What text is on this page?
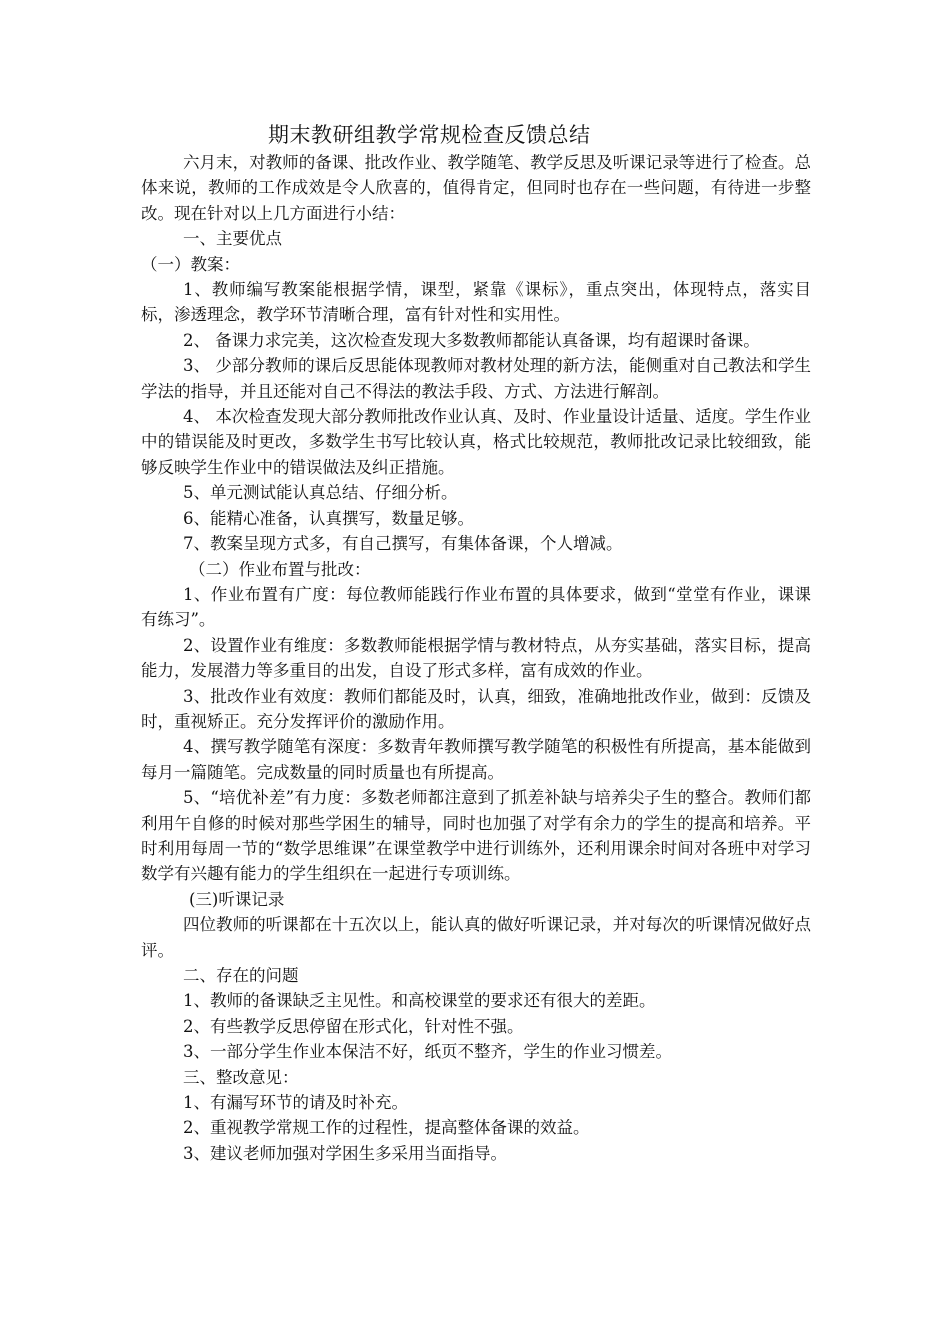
期末教研组教学常规检查反馈总结

六月末，对教师的备课、批改作业、教学随笔、教学反思及听课记录等进行了检查。总体来说，教师的工作成效是令人欣喜的，值得肯定，但同时也存在一些问题，有待进一步整改。现在针对以上几方面进行小结：

一、主要优点

（一）教案：

1、教师编写教案能根据学情，课型，紧靠《课标》，重点突出，体现特点，落实目标，渗透理念，教学环节清晰合理，富有针对性和实用性。

2、 备课力求完美，这次检查发现大多数教师都能认真备课，均有超课时备课。

3、 少部分教师的课后反思能体现教师对教材处理的新方法，能侧重对自己教法和学生学法的指导，并且还能对自己不得法的教法手段、方式、方法进行解剖。

4、 本次检查发现大部分教师批改作业认真、及时、作业量设计适量、适度。学生作业中的错误能及时更改，多数学生书写比较认真，格式比较规范，教师批改记录比较细致，能够反映学生作业中的错误做法及纠正措施。

5、单元测试能认真总结、仔细分析。

6、能精心准备，认真撰写，数量足够。

7、教案呈现方式多，有自己撰写，有集体备课，个人增减。

（二）作业布置与批改：

1、作业布置有广度：每位教师能践行作业布置的具体要求，做到“堂堂有作业，课课有练习”。

2、设置作业有维度：多数教师能根据学情与教材特点，从夯实基础，落实目标，提高能力，发展潜力等多重目的出发，自设了形式多样，富有成效的作业。

3、批改作业有效度：教师们都能及时，认真，细致，准确地批改作业，做到：反馈及时，重视矫正。充分发挥评价的激励作用。

4、撰写教学随笔有深度：多数青年教师撰写教学随笔的积极性有所提高，基本能做到每月一篇随笔。完成数量的同时质量也有所提高。

5、“培优补差”有力度：多数老师都注意到了抓差补缺与培养尖子生的整合。教师们都利用午自修的时候对那些学困生的辅导，同时也加强了对学有余力的学生的提高和培养。平时利用每周一节的“数学思维课”在课堂教学中进行训练外，还利用课余时间对各班中对学习数学有兴趣有能力的学生组织在一起进行专项训练。

(三)听课记录

四位教师的听课都在十五次以上，能认真的做好听课记录，并对每次的听课情况做好点评。

二、存在的问题

1、教师的备课缺乏主见性。和高校课堂的要求还有很大的差距。

2、有些教学反思停留在形式化，针对性不强。

3、一部分学生作业本保洁不好，纸页不整齐，学生的作业习惯差。

三、整改意见：

1、有漏写环节的请及时补充。

2、重视教学常规工作的过程性，提高整体备课的效益。

3、建议老师加强对学困生多采用当面指导。
